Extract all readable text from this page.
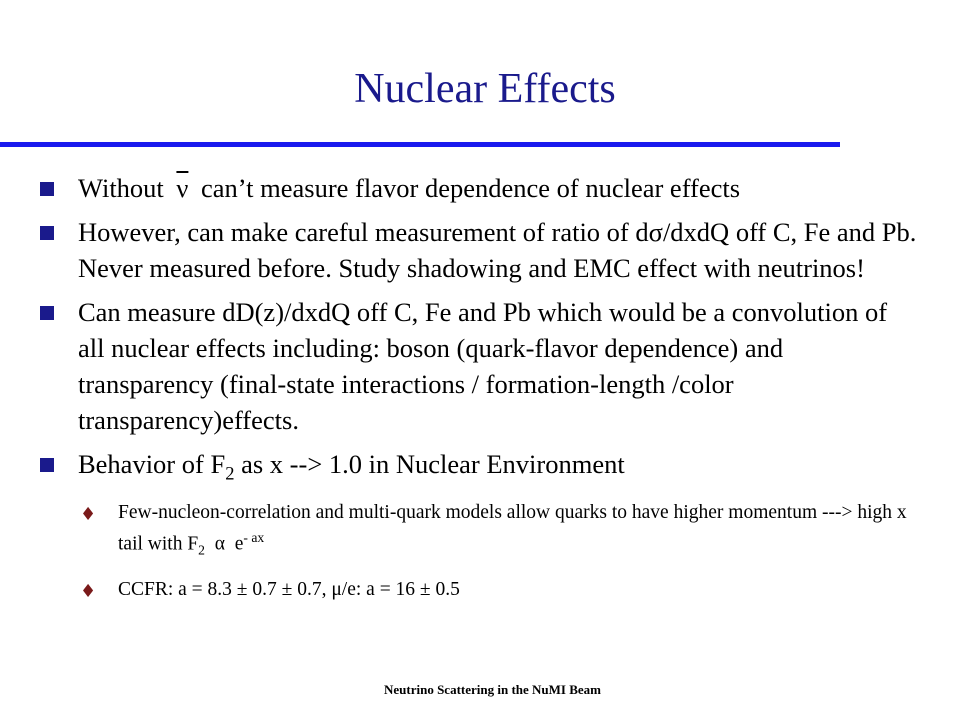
Nuclear Effects
Without $\overline{\nu}$ can’t measure flavor dependence of nuclear effects
However, can make careful measurement of ratio of dσ/dxdQ off C, Fe and Pb. Never measured before. Study shadowing and EMC effect with neutrinos!
Can measure dD(z)/dxdQ off C, Fe and Pb which would be a convolution of all nuclear effects including: boson (quark-flavor dependence) and transparency (final-state interactions / formation-length /color transparency)effects.
Behavior of $F_2$ as x --> 1.0 in Nuclear Environment
♦ Few-nucleon-correlation and multi-quark models allow quarks to have higher momentum ---> high x tail with $F_2$ α $e^{- ax}$
♦ CCFR: a = 8.3 ± 0.7 ± 0.7, μ/e: a = 16 ± 0.5
Neutrino Scattering in the NuMI Beam
